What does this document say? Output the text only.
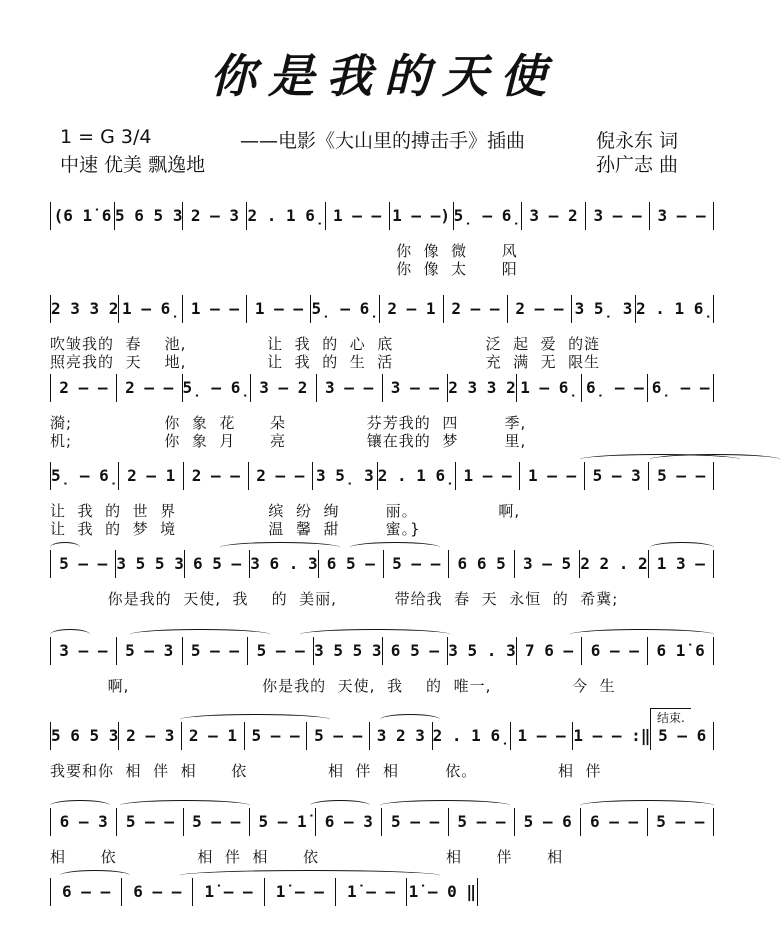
你是我的天使
1 = G 3/4	——电影《大山里的搏击手》插曲
中速 优美 飘逸地
倪永东 词
孙广志 曲
(6 1̇ 6 5 6 5 3 2 – 3 2 . 1 6̣ 1 – – 1 – –) 5̣ – 6̣ 3 – 2 3 – – 3 – –
你  像  微      风
你  像  太      阳
2 3 3 2 1 – 6̣ 1 – – 1 – – 5̣ – 6̣ 2 – 1 2 – – 2 – – 3 5̣ 3 2 . 1 6̣
吹皱我的  春    池,              让  我  的  心  底                泛  起  爱  的涟
照亮我的  天    地,              让  我  的  生  活                充  满  无  限生
2 – –	2 – – 5̣ – 6̣ 3 – 2	3 – –	3 – – 2 3 3 2 1 – 6̣ 6̣ – – 6̣ – –
漪;                你  象  花      朵              芬芳我的  四        季,
机;                你  象  月      亮              镶在我的  梦        里,
5̣ – 6̣ 2 – 1	2 – –	2 – – 3 5̣ 3 2 . 1 6̣ 1 – –	1 – –	5 – 3	5 – –
让  我  的  世  界                缤  纷  绚        丽。              啊,
让  我  的  梦  境                温  馨  甜        蜜。}
5 – – 3 5 5 3 6 5 – 3 6 . 3 6 5 –	5 – –	6 6 5	3 – 5 2 2 . 2 1 3 –
你是我的  天使,  我    的  美丽,          带给我  春  天  永恒  的  希冀;
3 – –	5 – 3	5 – –	5 – – 3 5 5 3 6 5 – 3 5 . 3 7 6 –	6 – –	6 1̇ 6
啊,                       你是我的  天使,  我    的  唯一,              今  生
5 6 5 3 2 – 3 2 – 1 5 – – 5 – – 3 2 3 2 . 1 6̣ 1 – – 1 – – :‖ 5 – 6
结束.
我要和你  相  伴  相      依              相  伴  相        依。              相  伴
6 – 3	5 – –	5 – –	5 – 1̇	6 – 3	5 – –	5 – –	5 – 6	6 – –	5 – –
相      依              相  伴  相      依                      相      伴      相
6 – –	6 – –	1̇ – –	1̇ – –	1̇ – – 1̇ – 0 ‖
